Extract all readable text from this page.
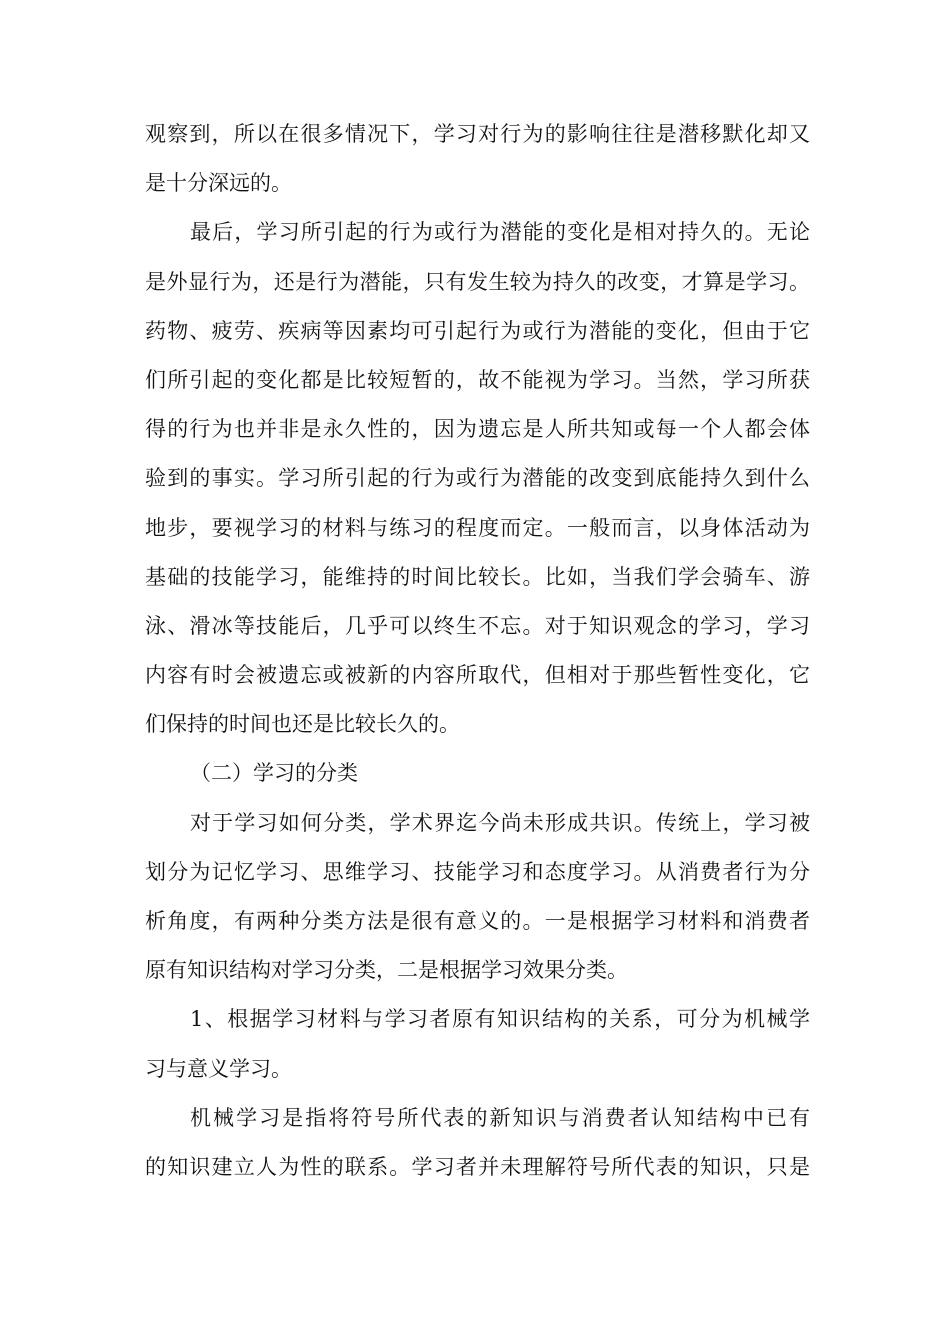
观察到，所以在很多情况下，学习对行为的影响往往是潜移默化却又
是十分深远的。
最后，学习所引起的行为或行为潜能的变化是相对持久的。无论
是外显行为，还是行为潜能，只有发生较为持久的改变，才算是学习。
药物、疲劳、疾病等因素均可引起行为或行为潜能的变化，但由于它
们所引起的变化都是比较短暂的，故不能视为学习。当然，学习所获
得的行为也并非是永久性的，因为遗忘是人所共知或每一个人都会体
验到的事实。学习所引起的行为或行为潜能的改变到底能持久到什么
地步，要视学习的材料与练习的程度而定。一般而言，以身体活动为
基础的技能学习，能维持的时间比较长。比如，当我们学会骑车、游
泳、滑冰等技能后，几乎可以终生不忘。对于知识观念的学习，学习
内容有时会被遗忘或被新的内容所取代，但相对于那些暂性变化，它
们保持的时间也还是比较长久的。
（二）学习的分类
对于学习如何分类，学术界迄今尚未形成共识。传统上，学习被
划分为记忆学习、思维学习、技能学习和态度学习。从消费者行为分
析角度，有两种分类方法是很有意义的。一是根据学习材料和消费者
原有知识结构对学习分类，二是根据学习效果分类。
1、根据学习材料与学习者原有知识结构的关系，可分为机械学
习与意义学习。
机械学习是指将符号所代表的新知识与消费者认知结构中已有
的知识建立人为性的联系。学习者并未理解符号所代表的知识，只是
